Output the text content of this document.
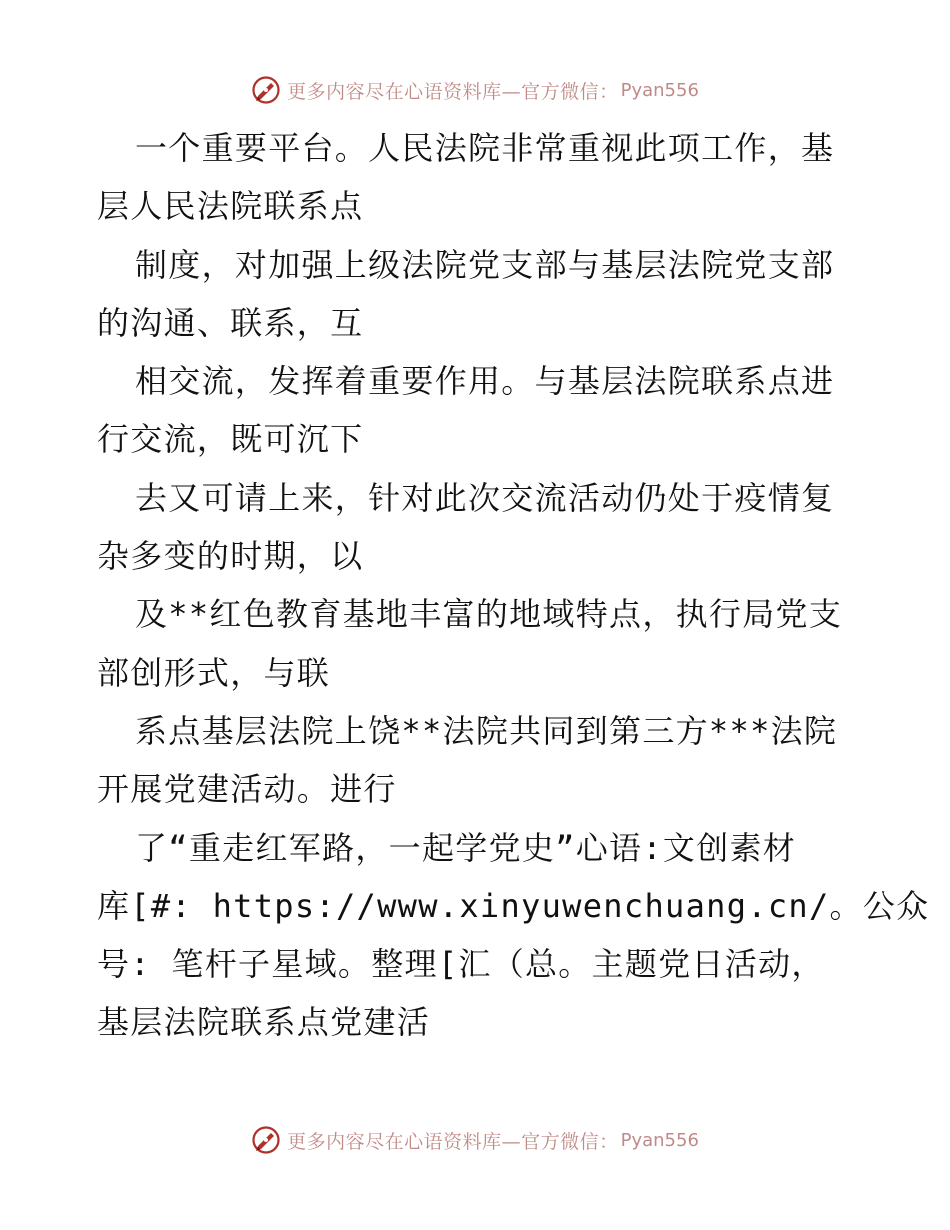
更多内容尽在心语资料库—官方微信： Pyan556
一个重要平台。人民法院非常重视此项工作，基
层人民法院联系点
制度，对加强上级法院党支部与基层法院党支部
的沟通、联系，互
相交流，发挥着重要作用。与基层法院联系点进
行交流，既可沉下
去又可请上来，针对此次交流活动仍处于疫情复
杂多变的时期，以
及**红色教育基地丰富的地域特点，执行局党支
部创形式，与联
系点基层法院上饶**法院共同到第三方***法院
开展党建活动。进行
了“重走红军路，一起学党史”心语:文创素材
库[#: https://www.xinyuwenchuang.cn/。公众
号: 笔杆子星域。整理[汇（总。主题党日活动，
基层法院联系点党建活
更多内容尽在心语资料库—官方微信： Pyan556
